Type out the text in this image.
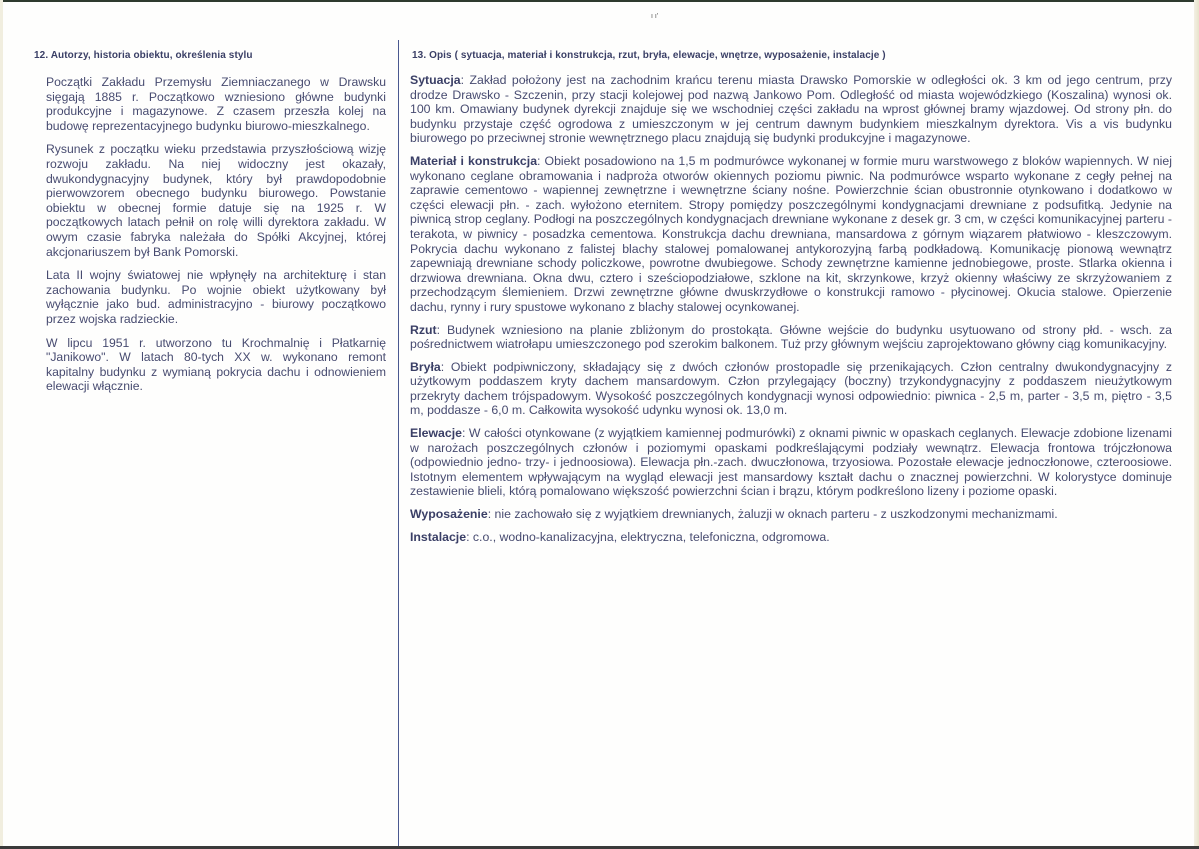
ı ı'
12. Autorzy, historia obiektu, określenia stylu

Początki Zakładu Przemysłu Ziemniaczanego w Drawsku sięgają 1885 r. Początkowo wzniesiono główne budynki produkcyjne i magazynowe. Z czasem przeszła kolej na budowę reprezentacyjnego budynku biurowo-mieszkalnego.

Rysunek z początku wieku przedstawia przyszłościową wizję rozwoju zakładu. Na niej widoczny jest okazały, dwukondygnacyjny budynek, który był prawdopodobnie pierwowzorem obecnego budynku biurowego. Powstanie obiektu w obecnej formie datuje się na 1925 r. W początkowych latach pełnił on rolę willi dyrektora zakładu. W owym czasie fabryka należała do Spółki Akcyjnej, której akcjonariuszem był Bank Pomorski.

Lata II wojny światowej nie wpłynęły na architekturę i stan zachowania budynku. Po wojnie obiekt użytkowany był wyłącznie jako bud. administracyjno - biurowy początkowo przez wojska radzieckie.

W lipcu 1951 r. utworzono tu Krochmalnię i Płatkarnię "Janikowo". W latach 80-tych XX w. wykonano remont kapitalny budynku z wymianą pokrycia dachu i odnowieniem elewacji włącznie.

13. Opis ( sytuacja, materiał i konstrukcja, rzut, bryła, elewacje, wnętrze, wyposażenie, instalacje )

Sytuacja: Zakład położony jest na zachodnim krańcu terenu miasta Drawsko Pomorskie w odległości ok. 3 km od jego centrum, przy drodze Drawsko - Szczenin, przy stacji kolejowej pod nazwą Jankowo Pom. Odległość od miasta wojewódzkiego (Koszalina) wynosi ok. 100 km. Omawiany budynek dyrekcji znajduje się we wschodniej części zakładu na wprost głównej bramy wjazdowej. Od strony płn. do budynku przystaje część ogrodowa z umieszczonym w jej centrum dawnym budynkiem mieszkalnym dyrektora. Vis a vis budynku biurowego po przeciwnej stronie wewnętrznego placu znajdują się budynki produkcyjne i magazynowe.

Materiał i konstrukcja: Obiekt posadowiono na 1,5 m podmurówce wykonanej w formie muru warstwowego z bloków wapiennych. W niej wykonano ceglane obramowania i nadproża otworów okiennych poziomu piwnic. Na podmurówce wsparto wykonane z cegły pełnej na zaprawie cementowo - wapiennej zewnętrzne i wewnętrzne ściany nośne. Powierzchnie ścian obustronnie otynkowano i dodatkowo w części elewacji płn. - zach. wyłożono eternitem. Stropy pomiędzy poszczególnymi kondygnacjami drewniane z podsufitką. Jedynie na piwnicą strop ceglany. Podłogi na poszczególnych kondygnacjach drewniane wykonane z desek gr. 3 cm, w części komunikacyjnej parteru - terakota, w piwnicy - posadzka cementowa. Konstrukcja dachu drewniana, mansardowa z górnym wiązarem płatwiowo - kleszczowym. Pokrycia dachu wykonano z falistej blachy stalowej pomalowanej antykorozyjną farbą podkładową. Komunikację pionową wewnątrz zapewniają drewniane schody policzkowe, powrotne dwubiegowe. Schody zewnętrzne kamienne jednobiegowe, proste. Stlarka okienna i drzwiowa drewniana. Okna dwu, cztero i sześciopodziałowe, szklone na kit, skrzynkowe, krzyż okienny właściwy ze skrzyżowaniem z przechodzącym ślemieniem. Drzwi zewnętrzne główne dwuskrzydłowe o konstrukcji ramowo - płycinowej. Okucia stalowe. Opierzenie dachu, rynny i rury spustowe wykonano z blachy stalowej ocynkowanej.

Rzut: Budynek wzniesiono na planie zbliżonym do prostokąta. Główne wejście do budynku usytuowano od strony płd. - wsch. za pośrednictwem wiatrołapu umieszczonego pod szerokim balkonem. Tuż przy głównym wejściu zaprojektowano główny ciąg komunikacyjny.

Bryła: Obiekt podpiwniczony, składający się z dwóch członów prostopadle się przenikających. Człon centralny dwukondygnacyjny z użytkowym poddaszem kryty dachem mansardowym. Człon przylegający (boczny) trzykondygnacyjny z poddaszem nieużytkowym przekryty dachem trójspadowym. Wysokość poszczególnych kondygnacji wynosi odpowiednio: piwnica - 2,5 m, parter - 3,5 m, piętro - 3,5 m, poddasze - 6,0 m. Całkowita wysokość udynku wynosi ok. 13,0 m.

Elewacje: W całości otynkowane (z wyjątkiem kamiennej podmurówki) z oknami piwnic w opaskach ceglanych. Elewacje zdobione lizenami w narożach poszczególnych członów i poziomymi opaskami podkreślającymi podziały wewnątrz. Elewacja frontowa trójczłonowa (odpowiednio jedno- trzy- i jednoosiowa). Elewacja płn.-zach. dwuczłonowa, trzyosiowa. Pozostałe elewacje jednoczłonowe, czteroosiowe. Istotnym elementem wpływającym na wygląd elewacji jest mansardowy kształt dachu o znacznej powierzchni. W kolorystyce dominuje zestawienie blieli, którą pomalowano większość powierzchni ścian i brązu, którym podkreślono lizeny i poziome opaski.

Wyposażenie: nie zachowało się z wyjątkiem drewnianych, żaluzji w oknach parteru - z uszkodzonymi mechanizmami.

Instalacje: c.o., wodno-kanalizacyjna, elektryczna, telefoniczna, odgromowa.
